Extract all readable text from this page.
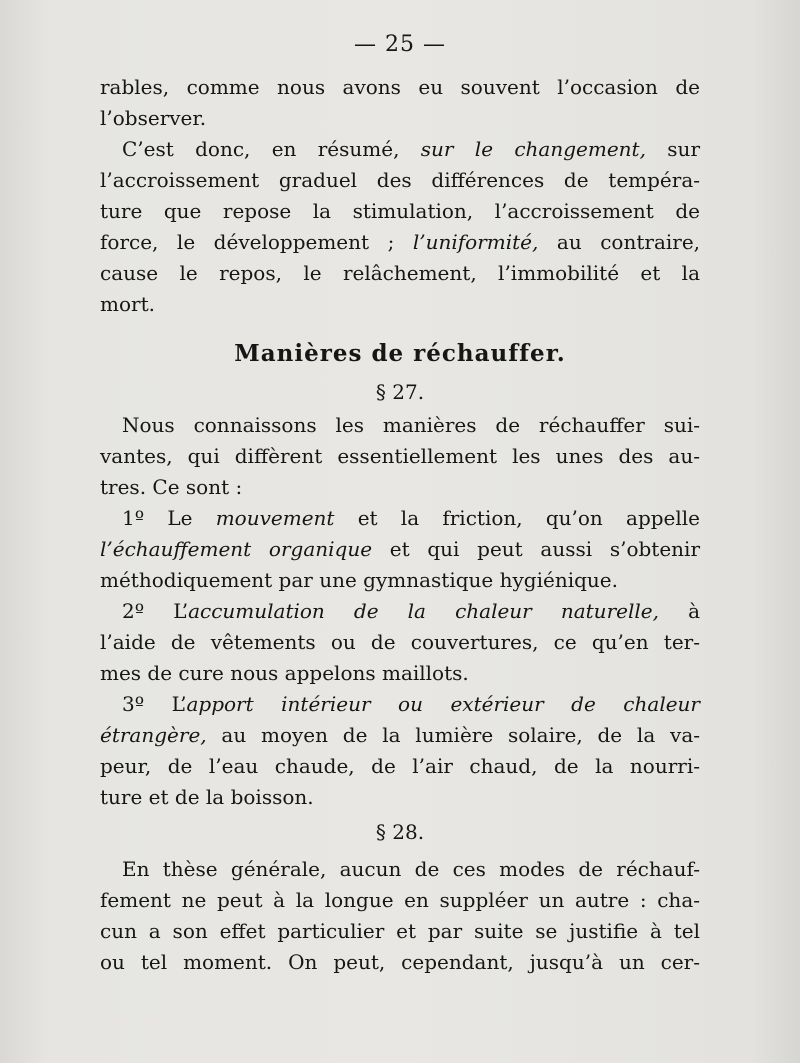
— 25 —
rables, comme nous avons eu souvent l’occasion de
l’observer.
C’est donc, en résumé, sur le changement, sur
l’accroissement graduel des différences de tempéra-
ture que repose la stimulation, l’accroissement de
force, le développement ; l’uniformité, au contraire,
cause le repos, le relâchement, l’immobilité et la
mort.
Manières de réchauffer.
§ 27.
Nous connaissons les manières de réchauffer sui-
vantes, qui diffèrent essentiellement les unes des au-
tres. Ce sont :
1º Le mouvement et la friction, qu’on appelle
l’échauffement organique et qui peut aussi s’obtenir
méthodiquement par une gymnastique hygiénique.
2º L’accumulation de la chaleur naturelle, à
l’aide de vêtements ou de couvertures, ce qu’en ter-
mes de cure nous appelons maillots.
3º L’apport intérieur ou extérieur de chaleur
étrangère, au moyen de la lumière solaire, de la va-
peur, de l’eau chaude, de l’air chaud, de la nourri-
ture et de la boisson.
§ 28.
En thèse générale, aucun de ces modes de réchauf-
fement ne peut à la longue en suppléer un autre : cha-
cun a son effet particulier et par suite se justifie à tel
ou tel moment. On peut, cependant, jusqu’à un cer-
